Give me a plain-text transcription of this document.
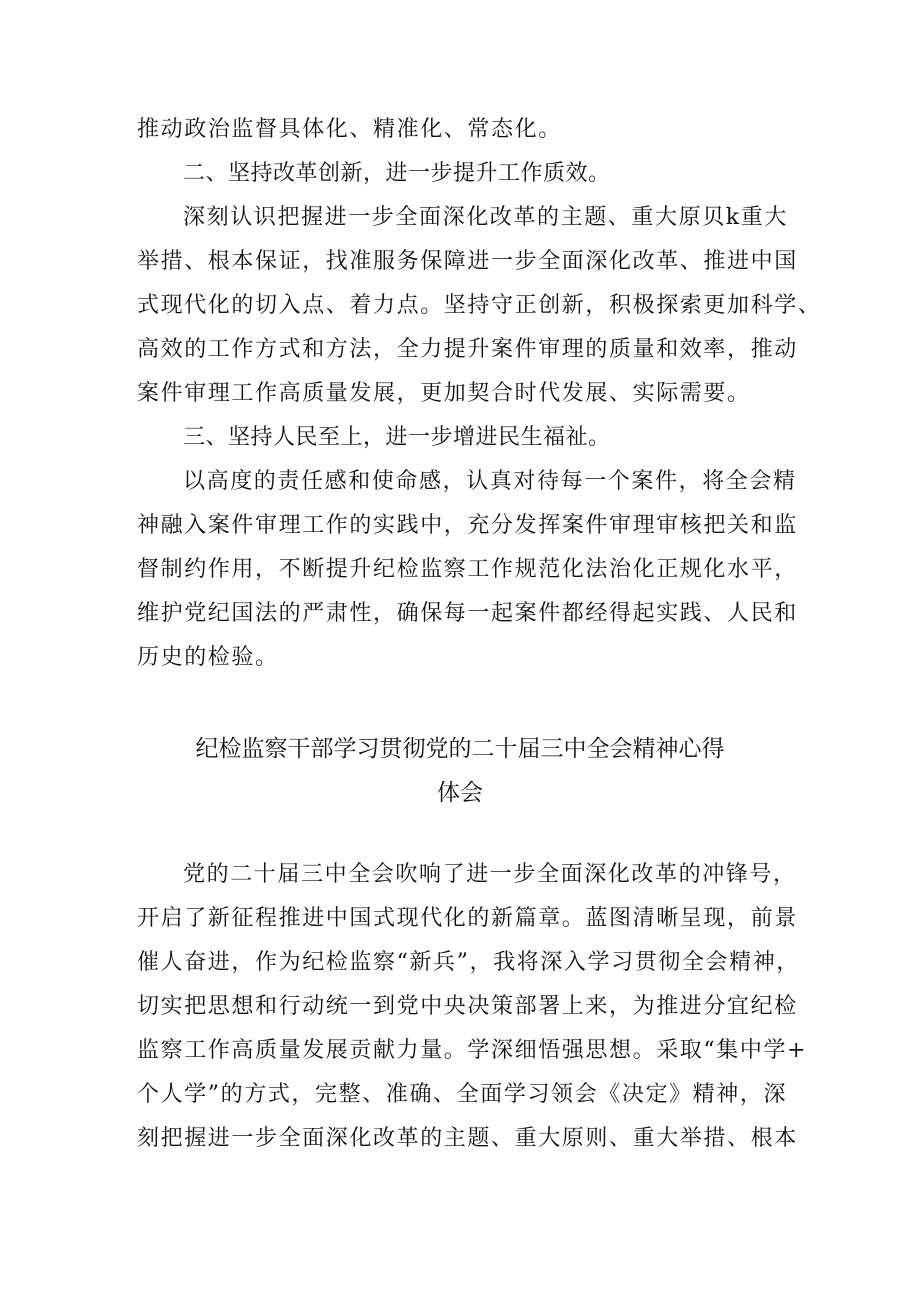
推动政治监督具体化、精准化、常态化。
二、坚持改革创新，进一步提升工作质效。
深刻认识把握进一步全面深化改革的主题、重大原贝k重大
举措、根本保证，找准服务保障进一步全面深化改革、推进中国
式现代化的切入点、着力点。坚持守正创新，积极探索更加科学、
高效的工作方式和方法，全力提升案件审理的质量和效率，推动
案件审理工作高质量发展，更加契合时代发展、实际需要。
三、坚持人民至上，进一步增进民生福祉。
以高度的责任感和使命感，认真对待每一个案件，将全会精
神融入案件审理工作的实践中，充分发挥案件审理审核把关和监
督制约作用，不断提升纪检监察工作规范化法治化正规化水平，
维护党纪国法的严肃性，确保每一起案件都经得起实践、人民和
历史的检验。
纪检监察干部学习贯彻党的二十届三中全会精神心得
体会
党的二十届三中全会吹响了进一步全面深化改革的冲锋号，
开启了新征程推进中国式现代化的新篇章。蓝图清晰呈现，前景
催人奋进，作为纪检监察“新兵”，我将深入学习贯彻全会精神，
切实把思想和行动统一到党中央决策部署上来，为推进分宜纪检
监察工作高质量发展贡献力量。学深细悟强思想。采取“集中学+
个人学”的方式，完整、准确、全面学习领会《决定》精神，深
刻把握进一步全面深化改革的主题、重大原则、重大举措、根本
